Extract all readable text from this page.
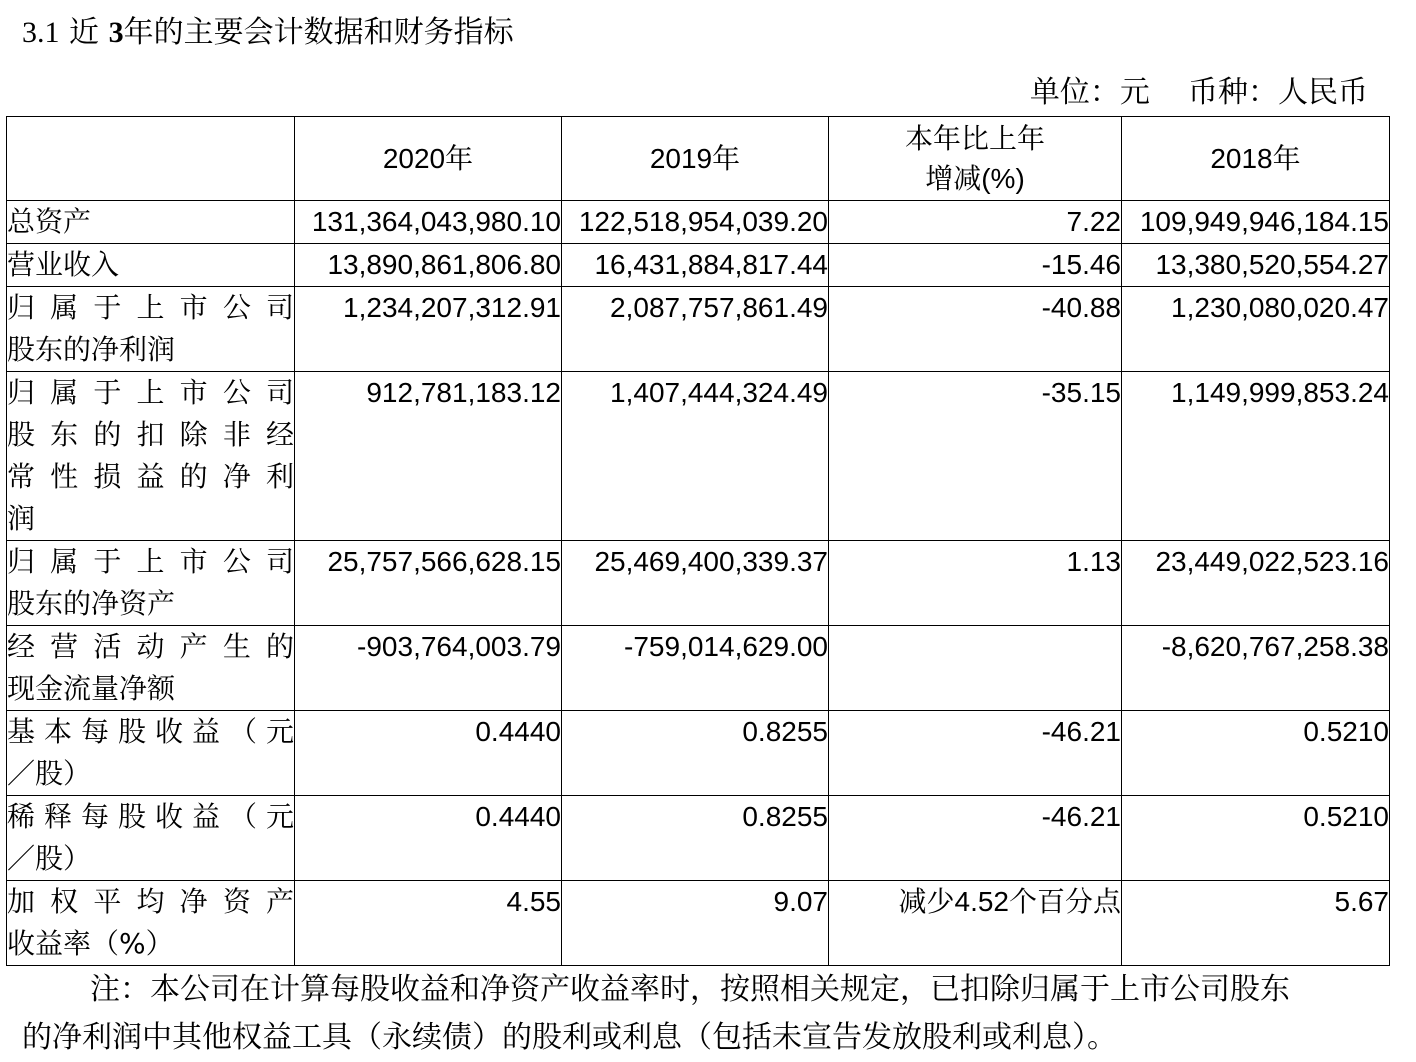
3.1 近 3年的主要会计数据和财务指标
单位：元    币种：人民币
	2020年	2019年	本年比上年
增减(%)	2018年

总资产	131,364,043,980.10	122,518,954,039.20	7.22	109,949,946,184.15

营业收入	13,890,861,806.80	16,431,884,817.44	-15.46	13,380,520,554.27

归属于上市公司
股东的净利润	1,234,207,312.91	2,087,757,861.49	-40.88	1,230,080,020.47

归属于上市公司
股东的扣除非经
常性损益的净利
润	912,781,183.12	1,407,444,324.49	-35.15	1,149,999,853.24

归属于上市公司
股东的净资产	25,757,566,628.15	25,469,400,339.37	1.13	23,449,022,523.16

经营活动产生的
现金流量净额	-903,764,003.79	-759,014,629.00		-8,620,767,258.38

基本每股收益（元
／股）	0.4440	0.8255	-46.21	0.5210

稀释每股收益（元
／股）	0.4440	0.8255	-46.21	0.5210

加权平均净资产
收益率（%）	4.55	9.07	减少4.52个百分点	5.67
注：本公司在计算每股收益和净资产收益率时，按照相关规定，已扣除归属于上市公司股东
的净利润中其他权益工具（永续债）的股利或利息（包括未宣告发放股利或利息）。
